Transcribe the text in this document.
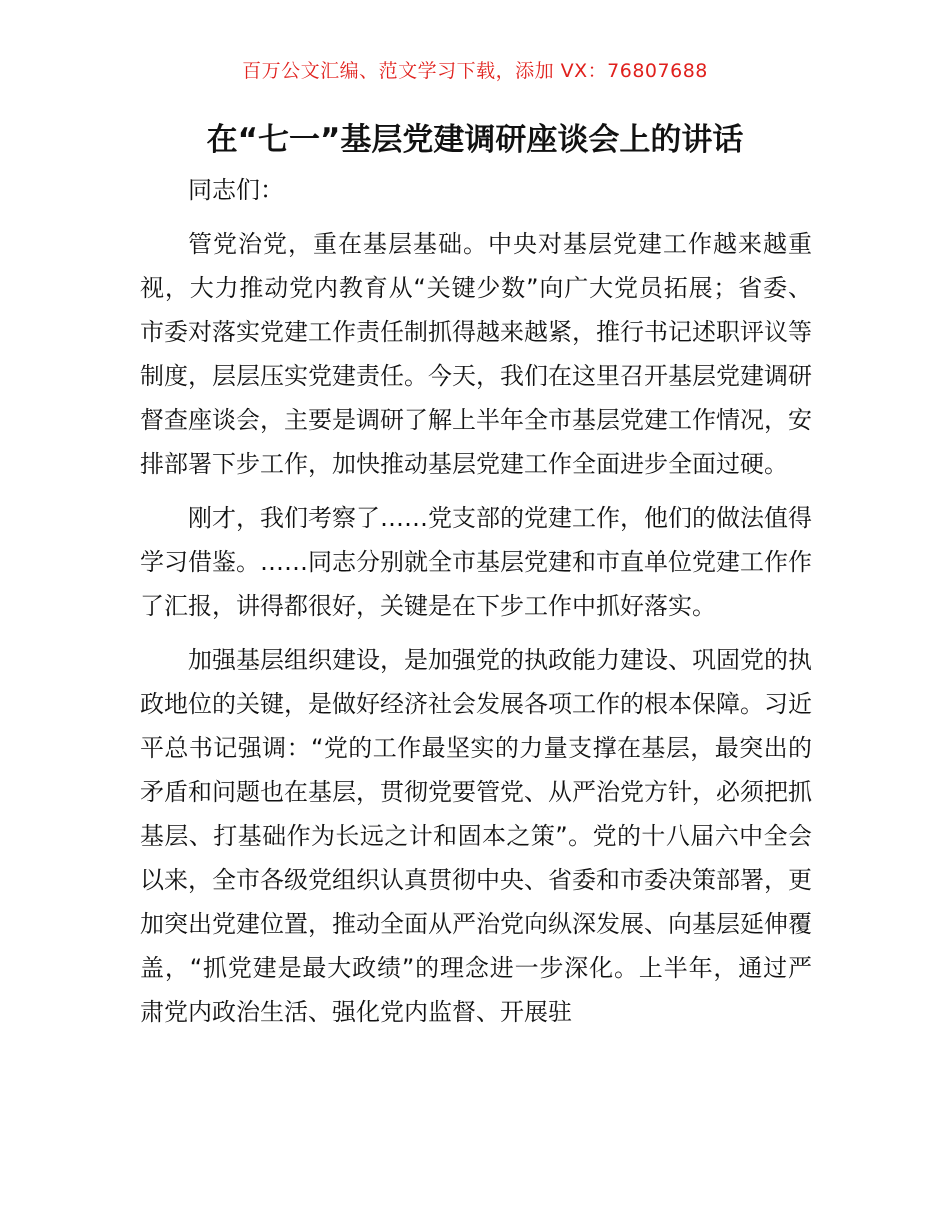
百万公文汇编、范文学习下载，添加 VX：76807688
在“七一”基层党建调研座谈会上的讲话

同志们：

管党治党，重在基层基础。中央对基层党建工作越来越重视，大力推动党内教育从“关键少数”向广大党员拓展；省委、市委对落实党建工作责任制抓得越来越紧，推行书记述职评议等制度，层层压实党建责任。今天，我们在这里召开基层党建调研督查座谈会，主要是调研了解上半年全市基层党建工作情况，安排部署下步工作，加快推动基层党建工作全面进步全面过硬。

刚才，我们考察了……党支部的党建工作，他们的做法值得学习借鉴。……同志分别就全市基层党建和市直单位党建工作作了汇报，讲得都很好，关键是在下步工作中抓好落实。

加强基层组织建设，是加强党的执政能力建设、巩固党的执政地位的关键，是做好经济社会发展各项工作的根本保障。习近平总书记强调：“党的工作最坚实的力量支撑在基层，最突出的矛盾和问题也在基层，贯彻党要管党、从严治党方针，必须把抓基层、打基础作为长远之计和固本之策”。党的十八届六中全会以来，全市各级党组织认真贯彻中央、省委和市委决策部署，更加突出党建位置，推动全面从严治党向纵深发展、向基层延伸覆盖，“抓党建是最大政绩”的理念进一步深化。上半年，通过严肃党内政治生活、强化党内监督、开展驻
